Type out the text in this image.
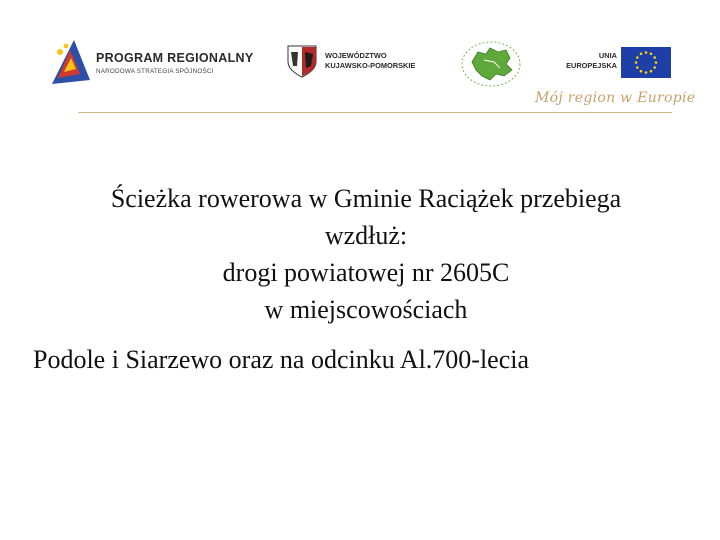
PROGRAM REGIONALNY
NARODOWA STRATEGIA SPÓJNOŚCI
WOJEWÓDZTWO
KUJAWSKO-POMORSKIE
UNIA
EUROPEJSKA
Mój region w Europie
Ścieżka rowerowa w Gminie Raciążek przebiega
wzdłuż:
drogi powiatowej nr 2605C
w miejscowościach
Podole i Siarzewo oraz na odcinku Al.700-lecia
